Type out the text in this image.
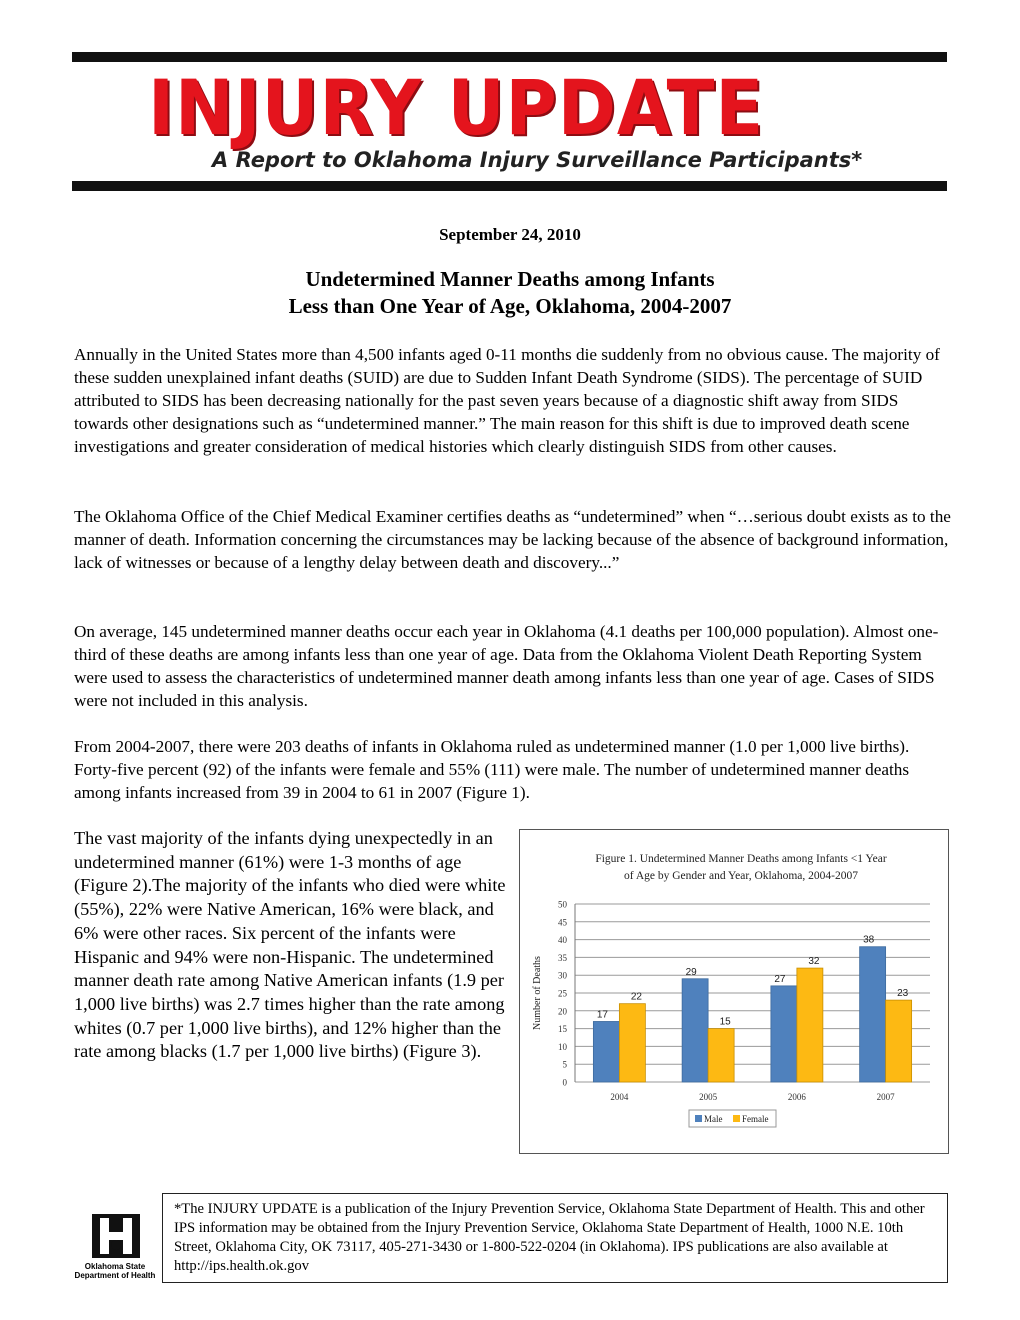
INJURY UPDATE
A Report to Oklahoma Injury Surveillance Participants*
September 24, 2010
Undetermined Manner Deaths among Infants
Less than One Year of Age, Oklahoma, 2004-2007

Annually in the United States more than 4,500 infants aged 0-11 months die suddenly from no obvious cause. The majority of these sudden unexplained infant deaths (SUID) are due to Sudden Infant Death Syndrome (SIDS). The percentage of SUID attributed to SIDS has been decreasing nationally for the past seven years because of a diagnostic shift away from SIDS towards other designations such as “undetermined manner.” The main reason for this shift is due to improved death scene investigations and greater consideration of medical histories which clearly distinguish SIDS from other causes.

The Oklahoma Office of the Chief Medical Examiner certifies deaths as “undetermined” when “…serious doubt exists as to the manner of death. Information concerning the circumstances may be lacking because of the absence of background information, lack of witnesses or because of a lengthy delay between death and discovery...”

On average, 145 undetermined manner deaths occur each year in Oklahoma (4.1 deaths per 100,000 population). Almost one-third of these deaths are among infants less than one year of age. Data from the Oklahoma Violent Death Reporting System were used to assess the characteristics of undetermined manner death among infants less than one year of age. Cases of SIDS were not included in this analysis.

From 2004-2007, there were 203 deaths of infants in Oklahoma ruled as undetermined manner (1.0 per 1,000 live births). Forty-five percent (92) of the infants were female and 55% (111) were male. The number of undetermined manner deaths among infants increased from 39 in 2004 to 61 in 2007 (Figure 1).

The vast majority of the infants dying unexpectedly in an undetermined manner (61%) were 1-3 months of age (Figure 2).The majority of the infants who died were white (55%), 22% were Native American, 16% were black, and 6% were other races. Six percent of the infants were Hispanic and 94% were non-Hispanic. The undetermined manner death rate among Native American infants (1.9 per 1,000 live births) was 2.7 times higher than the rate among whites (0.7 per 1,000 live births), and 12% higher than the rate among blacks (1.7 per 1,000 live births) (Figure 3).

Figure 1. Undetermined Manner Deaths among Infants <1 Year
of Age by Gender and Year, Oklahoma, 2004-2007
0
5
10
15
20
25
30
35
40
45
50
Number of Deaths
2004
17
22
2005
29
15
2006
27
32
2007
38
23
Male Female
Oklahoma State Department of Health

*The INJURY UPDATE is a publication of the Injury Prevention Service, Oklahoma State Department of Health. This and other IPS information may be obtained from the Injury Prevention Service, Oklahoma State Department of Health, 1000 N.E. 10th Street, Oklahoma City, OK 73117, 405-271-3430 or 1-800-522-0204 (in Oklahoma). IPS publications are also available at http://ips.health.ok.gov
